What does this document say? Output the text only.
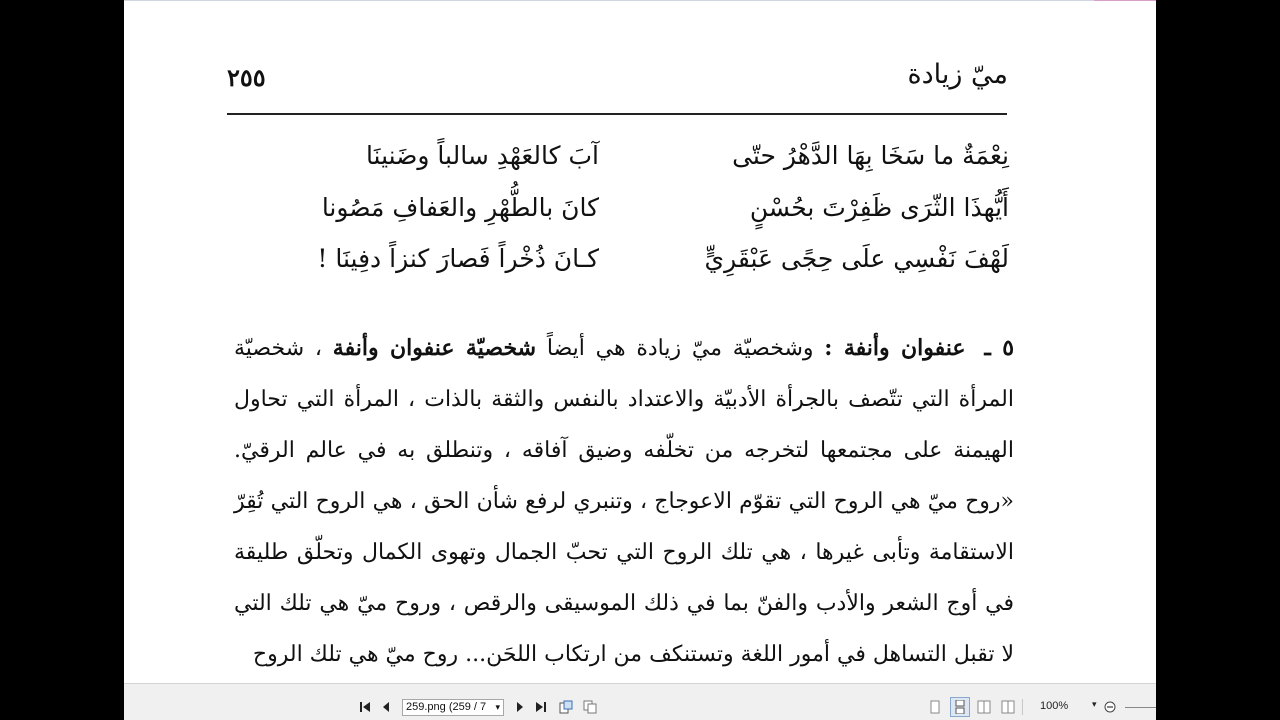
ميّ زيادة
٢٥٥
نِعْمَةٌ ما سَخَا بِهَا الدَّهْرُ حتّى
آبَ كالعَهْدِ سالباً وضَنينَا
أَيُّهذَا الثّرَى ظَفِرْتَ بحُسْنٍ
كانَ بالطُّهْرِ والعَفافِ مَصُونا
لَهْفَ نَفْسِي علَى حِجًى عَبْقَرِيٍّ
كـانَ ذُخْراً فَصارَ كنزاً دفِينَا !
٥ ـ عنفوان وأنفة : وشخصيّة ميّ زيادة هي أيضاً شخصيّة عنفوان وأنفة ، شخصيّة المرأة التي تتّصف بالجرأة الأدبيّة والاعتداد بالنفس والثقة بالذات ، المرأة التي تحاول الهيمنة على مجتمعها لتخرجه من تخلّفه وضيق آفاقه ، وتنطلق به في عالم الرقيّ. «روح ميّ هي الروح التي تقوّم الاعوجاج ، وتنبري لرفع شأن الحق ، هي الروح التي تُقِرّ الاستقامة وتأبى غيرها ، هي تلك الروح التي تحبّ الجمال وتهوى الكمال وتحلّق طليقة في أوج الشعر والأدب والفنّ بما في ذلك الموسيقى والرقص ، وروح ميّ هي تلك التي لا تقبل التساهل في أمور اللغة وتستنكف من ارتكاب اللحَن... روح ميّ هي تلك الروح
259.png (259 / 7 ▾	100%	▾
